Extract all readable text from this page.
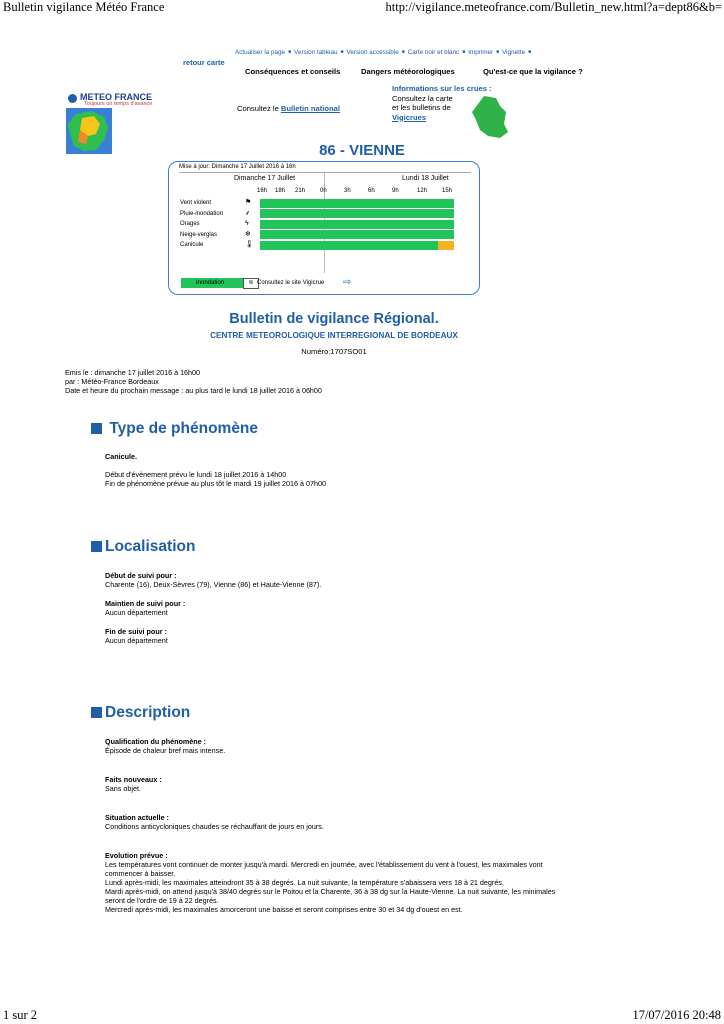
Bulletin vigilance Météo France	http://vigilance.meteofrance.com/Bulletin_new.html?a=dept86&b=
Actualiser la page ■ Version tableau ■ Version accessible ■ Carte noir et blanc ■ Imprimer ■ Vignette ■
retour carte
Conséquences et conseils	Dangers météorologiques	Qu'est-ce que la vigilance ?
METEO FRANCE
Toujours un temps d'avance	Consultez le Bulletin national
Informations sur les crues :
Consultez la carte
et les bulletins de
Vigicrues
86 - VIENNE
Mise à jour: Dimanche 17 Juillet 2016 à 16h
Dimanche 17 Juillet	Lundi 18 Juillet
16h 18h 21h 0h	3h	6h	9h	12h 15h
Vent violent	⚑
Pluie-inondation	⸙
Orages	ϟ
Neige-verglas	❄
Canicule	🌡
Inondation	≋ Consultez le site Vigicrue ⇨
Bulletin de vigilance Régional.
CENTRE METEOROLOGIQUE INTERREGIONAL DE BORDEAUX
Numéro:1707SO01
Emis le : dimanche 17 juillet 2016 à 16h00
par : Météo-France Bordeaux
Date et heure du prochain message : au plus tard le lundi 18 juillet 2016 à 06h00
Type de phénomène
Canicule.
Début d'évènement prévu le lundi 18 juillet 2016 à 14h00
Fin de phénomène prévue au plus tôt le mardi 19 juillet 2016 à 07h00
Localisation
Début de suivi pour :
Charente (16), Deux-Sèvres (79), Vienne (86) et Haute-Vienne (87).
Maintien de suivi pour :
Aucun département
Fin de suivi pour :
Aucun département
Description
Qualification du phénomène :
Épisode de chaleur bref mais intense.
Faits nouveaux :
Sans objet.
Situation actuelle :
Conditions anticycloniques chaudes se réchauffant de jours en jours.
Evolution prévue :
Les températures vont continuer de monter jusqu'à mardi. Mercredi en journée, avec l'établissement du vent à l'ouest, les maximales vont
commencer à baisser.
Lundi après-midi, les maximales atteindront 35 à 38 degrés. La nuit suivante, la température s'abaissera vers 18 à 21 degrés.
Mardi après-midi, on attend jusqu'à 38/40 degrés sur le Poitou et la Charente, 36 à 38 dg sur la Haute-Vienne. La nuit suivante, les minimales
seront de l'ordre de 19 à 22 degrés.
Mercredi après-midi, les maximales amorceront une baisse et seront comprises entre 30 et 34 dg d'ouest en est.
1 sur 2	17/07/2016 20:48
